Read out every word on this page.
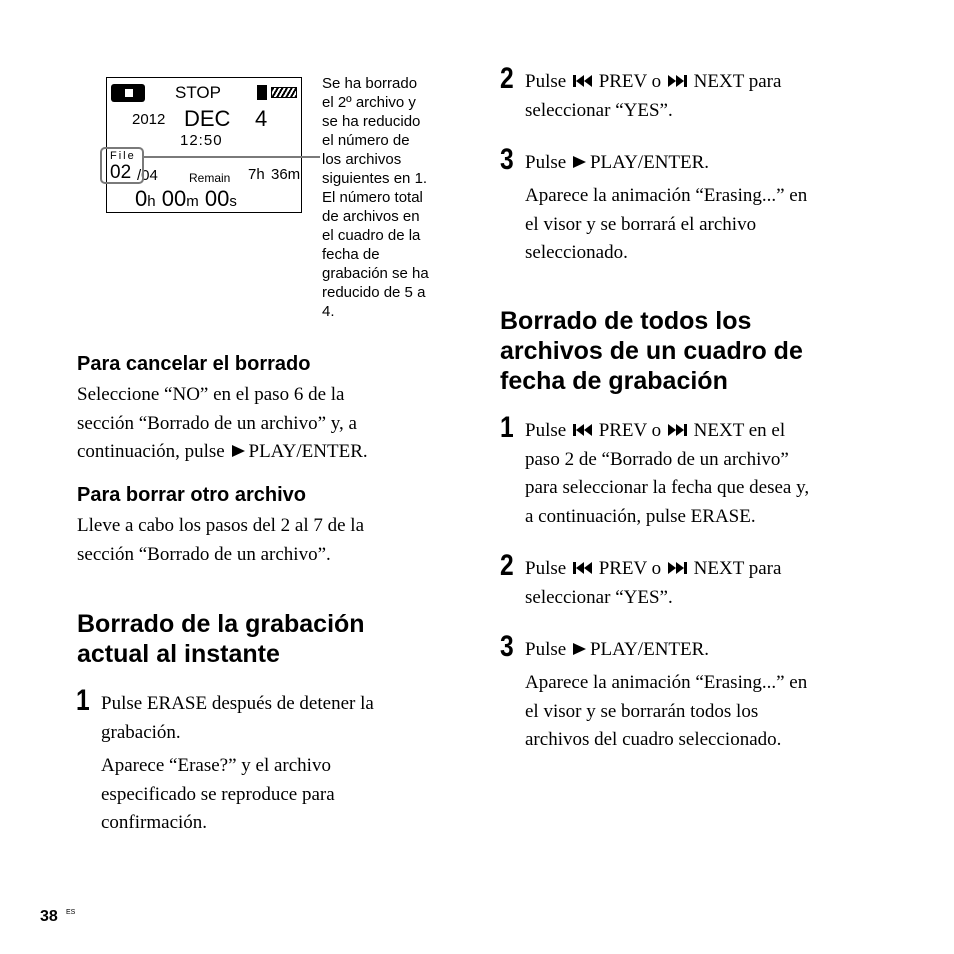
STOP
2012 DEC 4
12:50
File
02 /04	Remain 7h 36m
0h 00m 00s
Se ha borrado
el 2º archivo y
se ha reducido
el número de
los archivos
siguientes en 1.
El número total
de archivos en
el cuadro de la
fecha de
grabación se ha
reducido de 5 a
4.
Para cancelar el borrado
Seleccione “NO” en el paso 6 de la
sección “Borrado de un archivo” y, a
continuación, pulse PLAY/ENTER.
Para borrar otro archivo
Lleve a cabo los pasos del 2 al 7 de la
sección “Borrado de un archivo”.
Borrado de la grabación
actual al instante
1 Pulse ERASE después de detener la
grabación.
Aparece “Erase?” y el archivo
especificado se reproduce para
confirmación.
2 Pulse PREV o NEXT para
seleccionar “YES”.
3 Pulse PLAY/ENTER.
Aparece la animación “Erasing...” en
el visor y se borrará el archivo
seleccionado.
Borrado de todos los
archivos de un cuadro de
fecha de grabación
1 Pulse PREV o NEXT en el
paso 2 de “Borrado de un archivo”
para seleccionar la fecha que desea y,
a continuación, pulse ERASE.
2 Pulse PREV o NEXT para
seleccionar “YES”.
3 Pulse PLAY/ENTER.
Aparece la animación “Erasing...” en
el visor y se borrarán todos los
archivos del cuadro seleccionado.
38 ES
